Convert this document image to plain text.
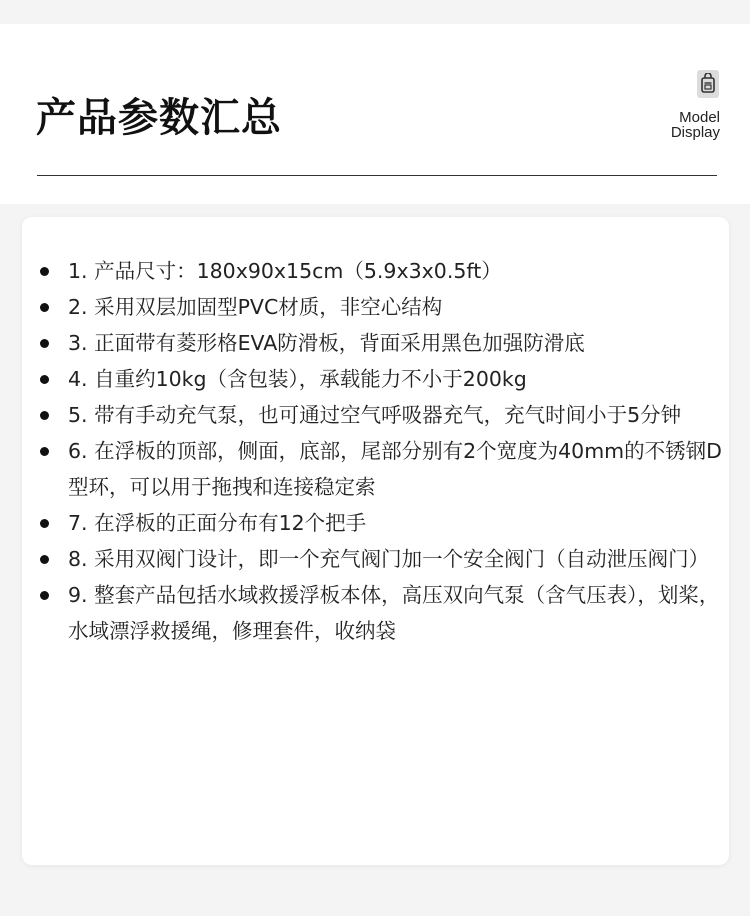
产品参数汇总	Model
Display
1. 产品尺寸：180x90x15cm（5.9x3x0.5ft）
2. 采用双层加固型PVC材质，非空心结构
3. 正面带有菱形格EVA防滑板，背面采用黑色加强防滑底
4. 自重约10kg（含包装），承载能力不小于200kg
5. 带有手动充气泵，也可通过空气呼吸器充气，充气时间小于5分钟
6. 在浮板的顶部，侧面，底部，尾部分别有2个宽度为40mm的不锈钢D型环，可以用于拖拽和连接稳定索
7. 在浮板的正面分布有12个把手
8. 采用双阀门设计，即一个充气阀门加一个安全阀门（自动泄压阀门）
9. 整套产品包括水域救援浮板本体，高压双向气泵（含气压表），划桨，水域漂浮救援绳，修理套件，收纳袋
